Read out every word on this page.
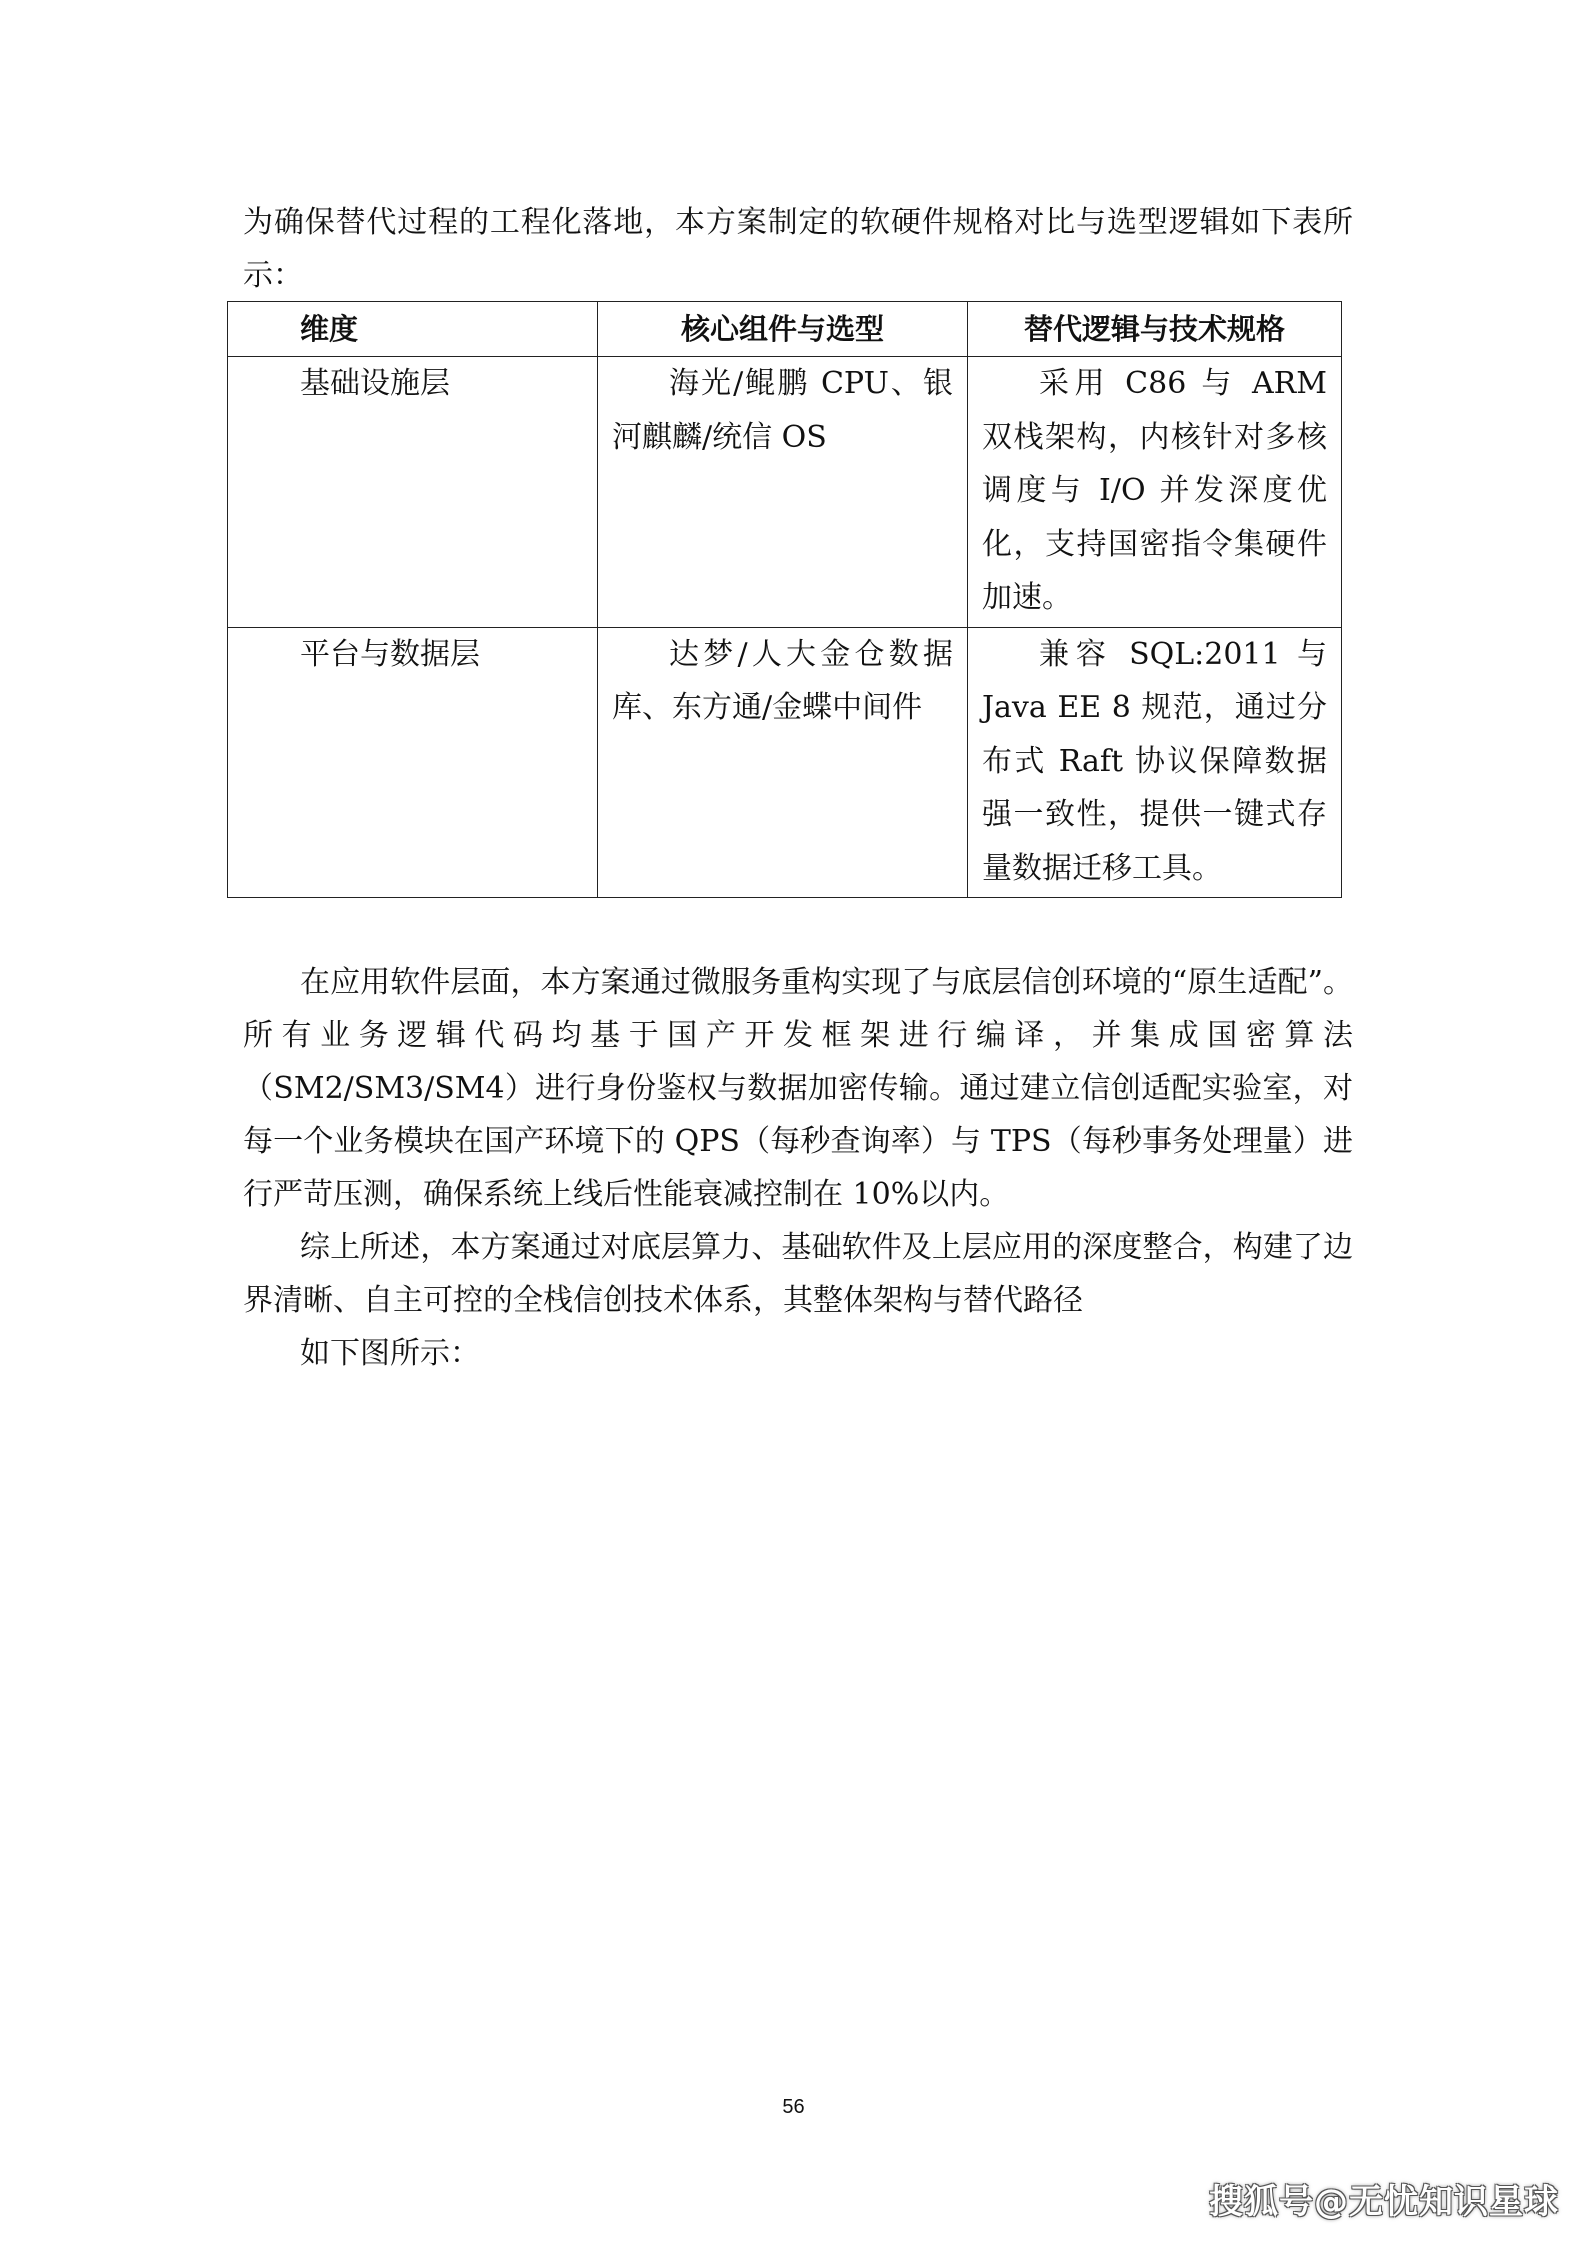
为确保替代过程的工程化落地，本方案制定的软硬件规格对比与选型逻辑如下表所示：

维度	核心组件与选型	替代逻辑与技术规格
基础设施层	海光/鲲鹏 CPU、银河麒麟/统信 OS	采用 C86 与 ARM 双栈架构，内核针对多核调度与 I/O 并发深度优化，支持国密指令集硬件加速。
平台与数据层	达梦/人大金仓数据库、东方通/金蝶中间件	兼容 SQL:2011 与 Java EE 8 规范，通过分布式 Raft 协议保障数据强一致性，提供一键式存量数据迁移工具。

在应用软件层面，本方案通过微服务重构实现了与底层信创环境的“原生适配”。所有业务逻辑代码均基于国产开发框架进行编译，并集成国密算法（SM2/SM3/SM4）进行身份鉴权与数据加密传输。通过建立信创适配实验室，对每一个业务模块在国产环境下的 QPS（每秒查询率）与 TPS（每秒事务处理量）进行严苛压测，确保系统上线后性能衰减控制在 10%以内。

综上所述，本方案通过对底层算力、基础软件及上层应用的深度整合，构建了边界清晰、自主可控的全栈信创技术体系，其整体架构与替代路径

如下图所示：

56
搜狐号@无忧知识星球
